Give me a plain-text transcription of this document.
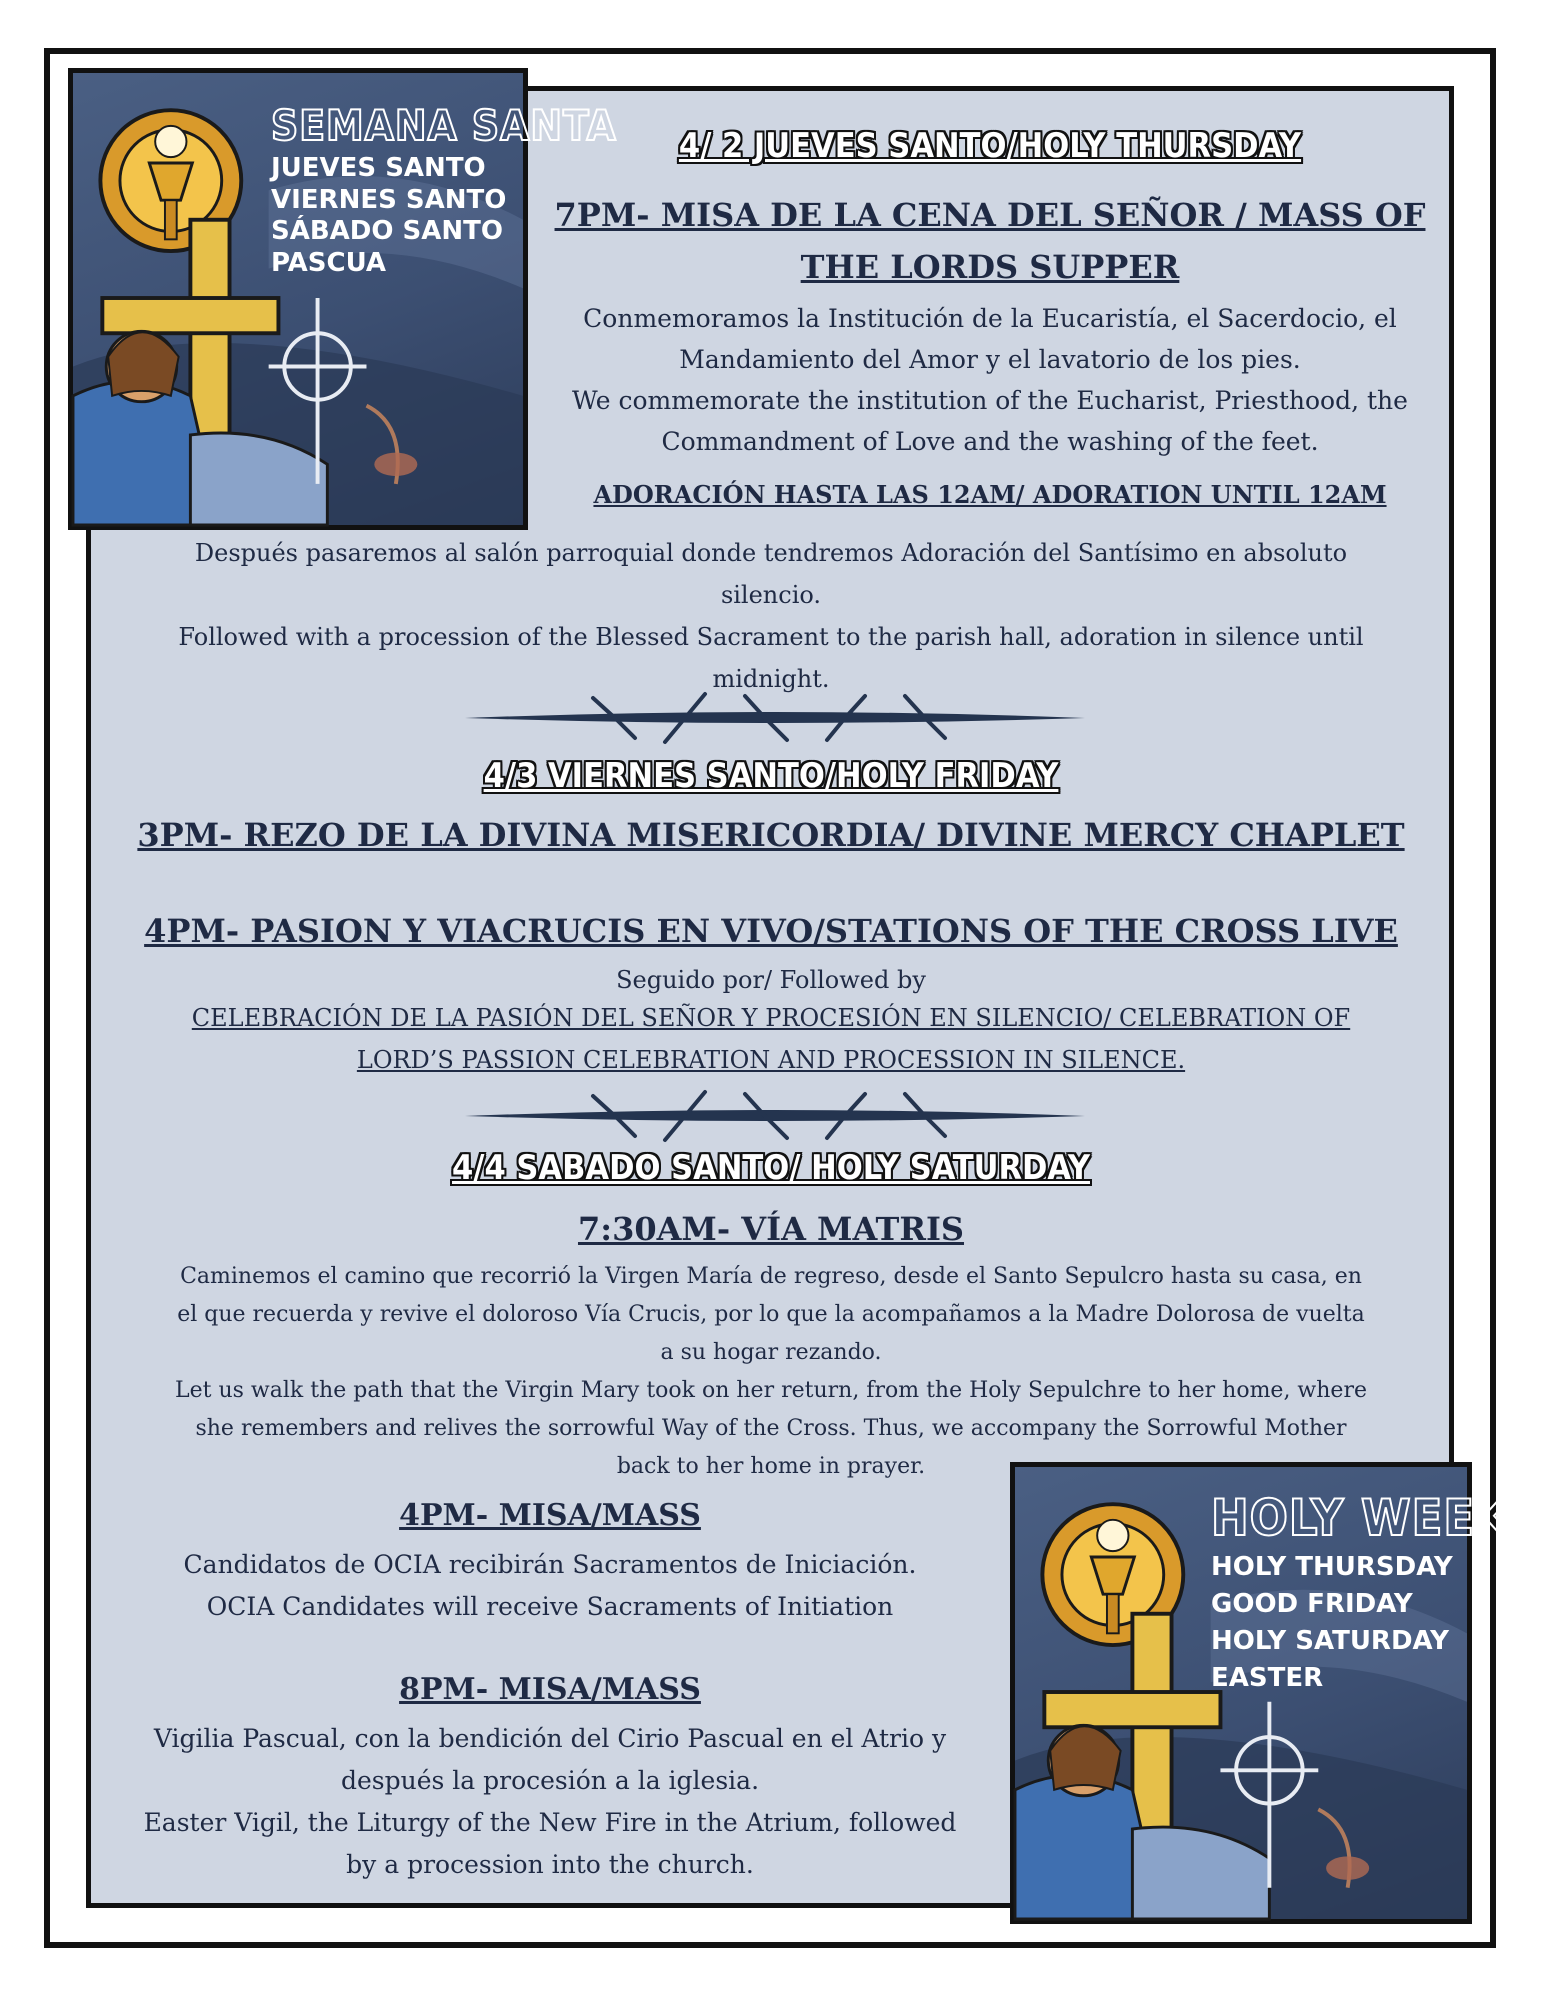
SEMANA SANTA
JUEVES SANTO
VIERNES SANTO
SÁBADO SANTO
PASCUA
HOLY WEEK
HOLY THURSDAY
GOOD FRIDAY
HOLY SATURDAY
EASTER
4/ 2 JUEVES SANTO/HOLY THURSDAY
7PM- MISA DE LA CENA DEL SEÑOR / MASS OF
THE LORDS SUPPER
Conmemoramos la Institución de la Eucaristía, el Sacerdocio, el
Mandamiento del Amor y el lavatorio de los pies.
We commemorate the institution of the Eucharist, Priesthood, the
Commandment of Love and the washing of the feet.
ADORACIÓN HASTA LAS 12AM/ ADORATION UNTIL 12AM
Después pasaremos al salón parroquial donde tendremos Adoración del Santísimo en absoluto
silencio.
Followed with a procession of the Blessed Sacrament to the parish hall, adoration in silence until
midnight.
4/3 VIERNES SANTO/HOLY FRIDAY
3PM- REZO DE LA DIVINA MISERICORDIA/ DIVINE MERCY CHAPLET
4PM- PASION Y VIACRUCIS EN VIVO/STATIONS OF THE CROSS LIVE
Seguido por/ Followed by
CELEBRACIÓN DE LA PASIÓN DEL SEÑOR Y PROCESIÓN EN SILENCIO/ CELEBRATION OF
LORD’S PASSION CELEBRATION AND PROCESSION IN SILENCE.
4/4 SABADO SANTO/ HOLY SATURDAY
7:30AM- VÍA MATRIS
Caminemos el camino que recorrió la Virgen María de regreso, desde el Santo Sepulcro hasta su casa, en
el que recuerda y revive el doloroso Vía Crucis, por lo que la acompañamos a la Madre Dolorosa de vuelta
a su hogar rezando.
Let us walk the path that the Virgin Mary took on her return, from the Holy Sepulchre to her home, where
she remembers and relives the sorrowful Way of the Cross. Thus, we accompany the Sorrowful Mother
back to her home in prayer.
4PM- MISA/MASS
Candidatos de OCIA recibirán Sacramentos de Iniciación.
OCIA Candidates will receive Sacraments of Initiation
8PM- MISA/MASS
Vigilia Pascual, con la bendición del Cirio Pascual en el Atrio y
después la procesión a la iglesia.
Easter Vigil, the Liturgy of the New Fire in the Atrium, followed
by a procession into the church.
